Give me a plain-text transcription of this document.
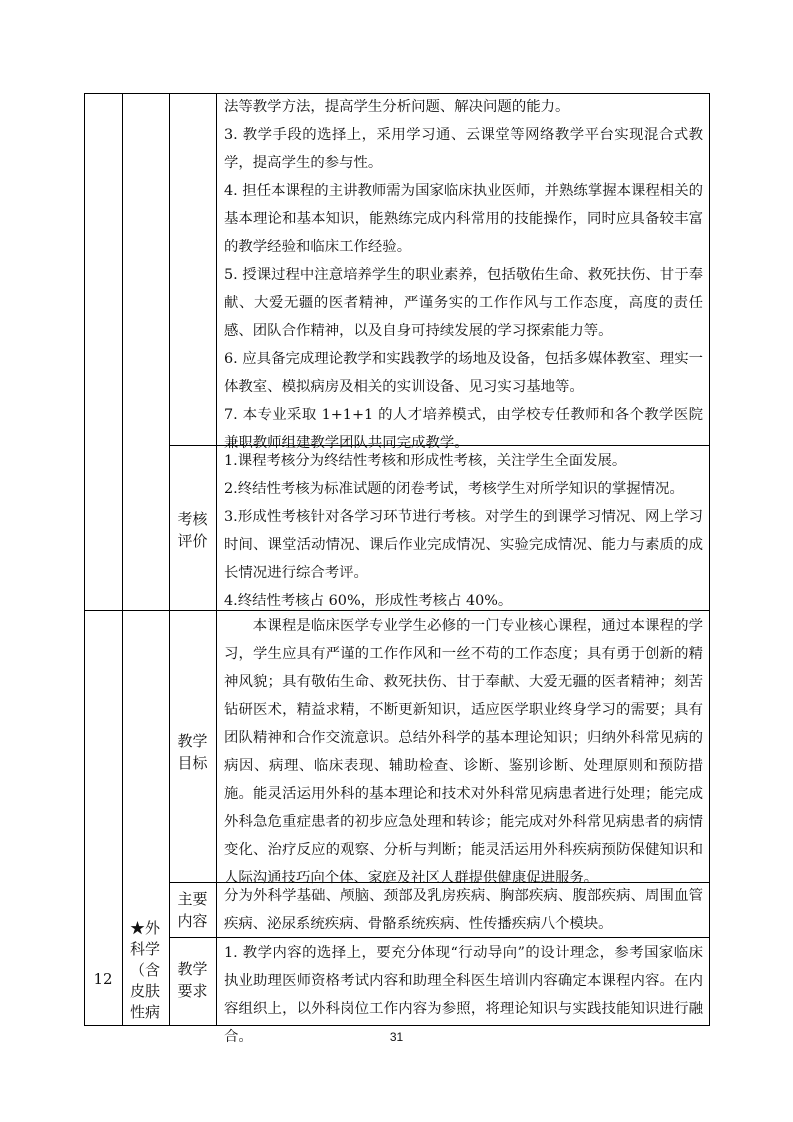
法等教学方法，提高学生分析问题、解决问题的能力。

3. 教学手段的选择上，采用学习通、云课堂等网络教学平台实现混合式教学，提高学生的参与性。

4. 担任本课程的主讲教师需为国家临床执业医师，并熟练掌握本课程相关的基本理论和基本知识，能熟练完成内科常用的技能操作，同时应具备较丰富的教学经验和临床工作经验。

5. 授课过程中注意培养学生的职业素养，包括敬佑生命、救死扶伤、甘于奉献、大爱无疆的医者精神，严谨务实的工作作风与工作态度，高度的责任感、团队合作精神，以及自身可持续发展的学习探索能力等。

6. 应具备完成理论教学和实践教学的场地及设备，包括多媒体教室、理实一体教室、模拟病房及相关的实训设备、见习实习基地等。

7. 本专业采取 1+1+1 的人才培养模式，由学校专任教师和各个教学医院兼职教师组建教学团队共同完成教学。

考核
评价

1.课程考核分为终结性考核和形成性考核，关注学生全面发展。

2.终结性考核为标准试题的闭卷考试，考核学生对所学知识的掌握情况。

3.形成性考核针对各学习环节进行考核。对学生的到课学习情况、网上学习时间、课堂活动情况、课后作业完成情况、实验完成情况、能力与素质的成长情况进行综合考评。

4.终结性考核占 60%，形成性考核占 40%。

12
★外
科学
（含
皮肤
性病
教学
目标

本课程是临床医学专业学生必修的一门专业核心课程，通过本课程的学习，学生应具有严谨的工作作风和一丝不苟的工作态度；具有勇于创新的精神风貌；具有敬佑生命、救死扶伤、甘于奉献、大爱无疆的医者精神；刻苦钻研医术，精益求精，不断更新知识，适应医学职业终身学习的需要；具有团队精神和合作交流意识。总结外科学的基本理论知识；归纳外科常见病的病因、病理、临床表现、辅助检查、诊断、鉴别诊断、处理原则和预防措施。能灵活运用外科的基本理论和技术对外科常见病患者进行处理；能完成外科急危重症患者的初步应急处理和转诊；能完成对外科常见病患者的病情变化、治疗反应的观察、分析与判断；能灵活运用外科疾病预防保健知识和人际沟通技巧向个体、家庭及社区人群提供健康促进服务。

主要
内容

分为外科学基础、颅脑、颈部及乳房疾病、胸部疾病、腹部疾病、周围血管疾病、泌尿系统疾病、骨骼系统疾病、性传播疾病八个模块。

教学
要求

1. 教学内容的选择上，要充分体现“行动导向”的设计理念，参考国家临床执业助理医师资格考试内容和助理全科医生培训内容确定本课程内容。在内容组织上，以外科岗位工作内容为参照，将理论知识与实践技能知识进行融合。	31
